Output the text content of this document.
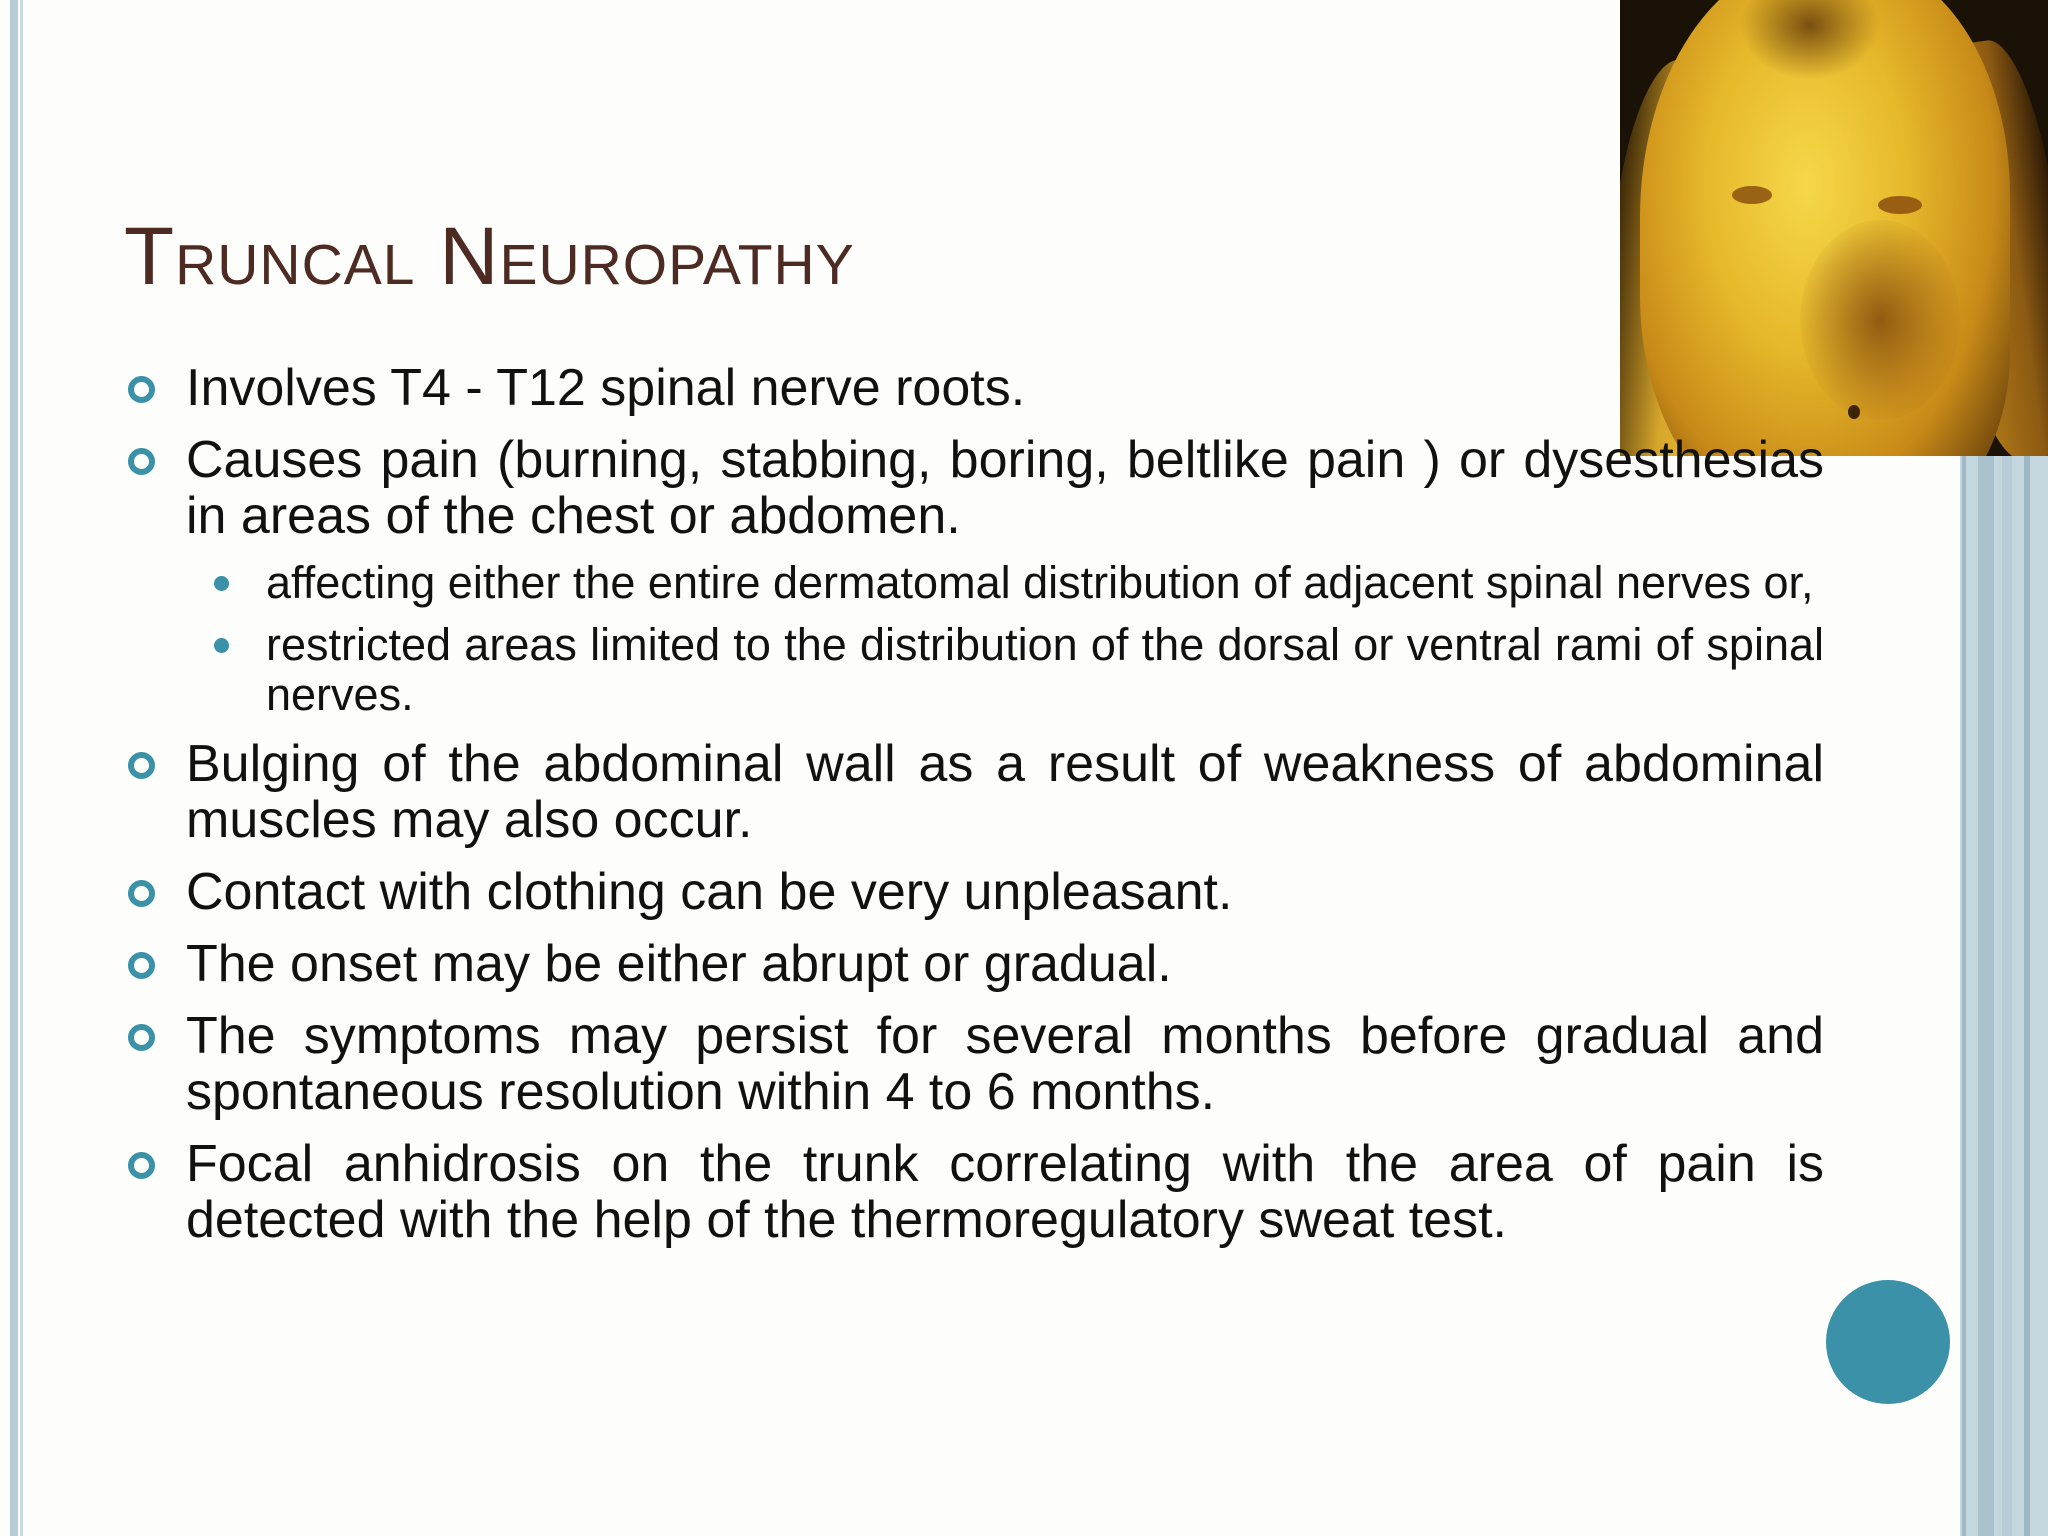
Truncal Neuropathy
Involves T4 - T12 spinal nerve roots.
Causes pain (burning, stabbing, boring, beltlike pain ) or dysesthesias in areas of the chest or abdomen.
affecting either the entire dermatomal distribution of adjacent spinal nerves or,
restricted areas limited to the distribution of the dorsal or ventral rami of spinal nerves.
Bulging of the abdominal wall as a result of weakness of abdominal muscles may also occur.
Contact with clothing can be very unpleasant.
The onset may be either abrupt or gradual.
The symptoms may persist for several months before gradual and spontaneous resolution within 4 to 6 months.
Focal anhidrosis on the trunk correlating with the area of pain is detected with the help of the thermoregulatory sweat test.
